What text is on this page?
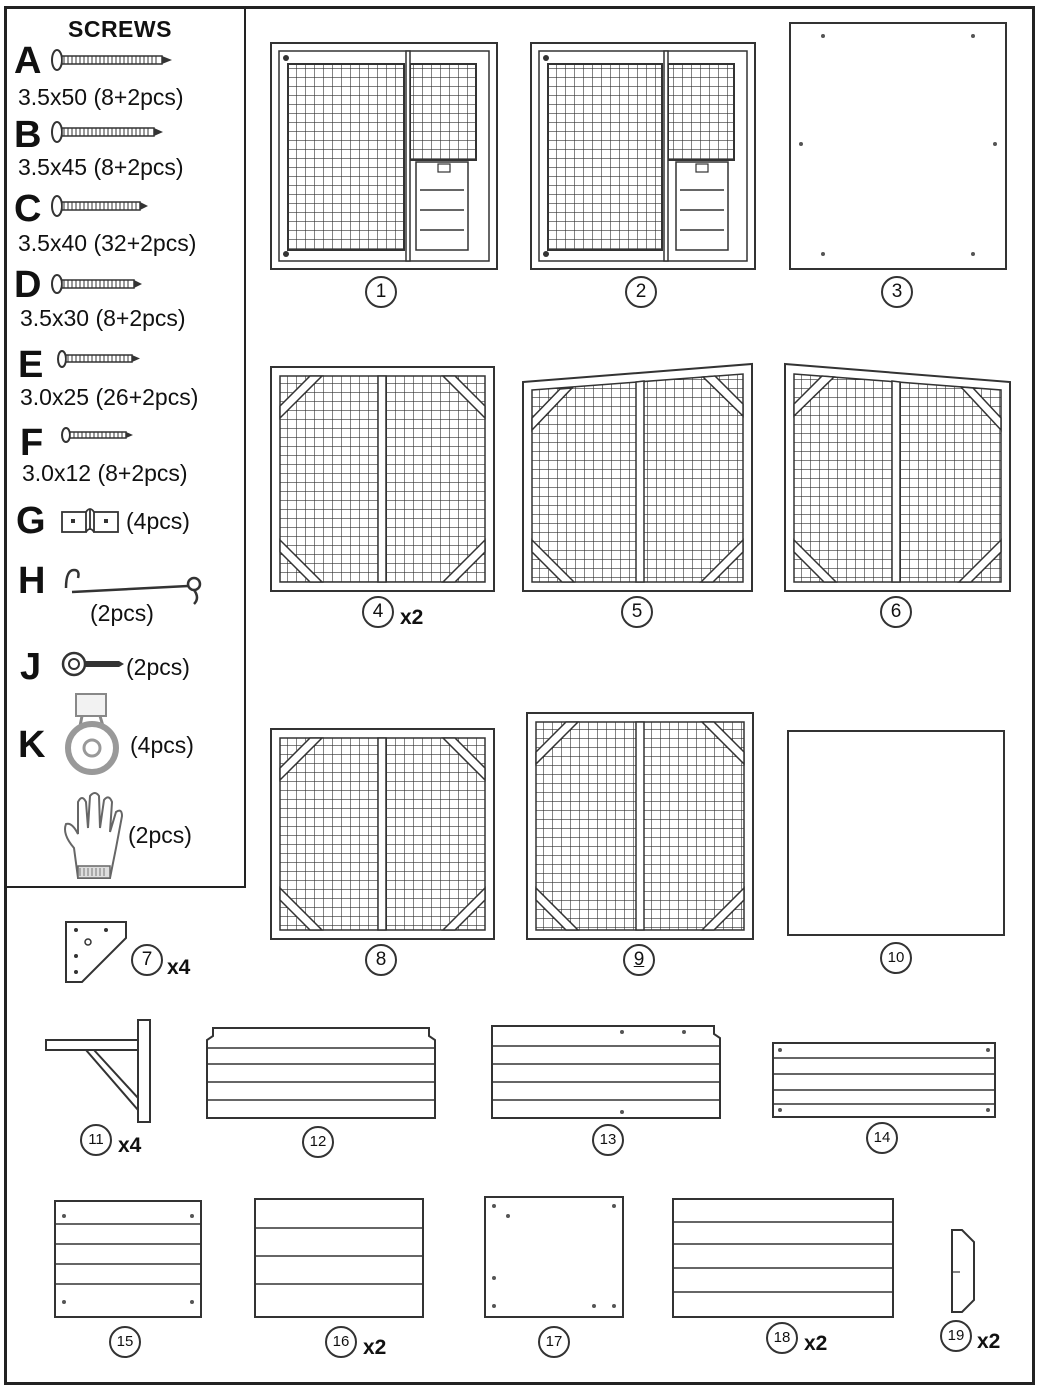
SCREWS
A
3.5x50 (8+2pcs)
B
3.5x45 (8+2pcs)
C
3.5x40 (32+2pcs)
D
3.5x30 (8+2pcs)
E
3.0x25 (26+2pcs)
F
3.0x12 (8+2pcs)
G	(4pcs)
H
(2pcs)
J	(2pcs)
K	(4pcs)
(2pcs)
1	2	3
4 x2	5	6
8	9	10
7 x4
11 x4	12	13	14
15	16 x2	17	18 x2	19 x2
